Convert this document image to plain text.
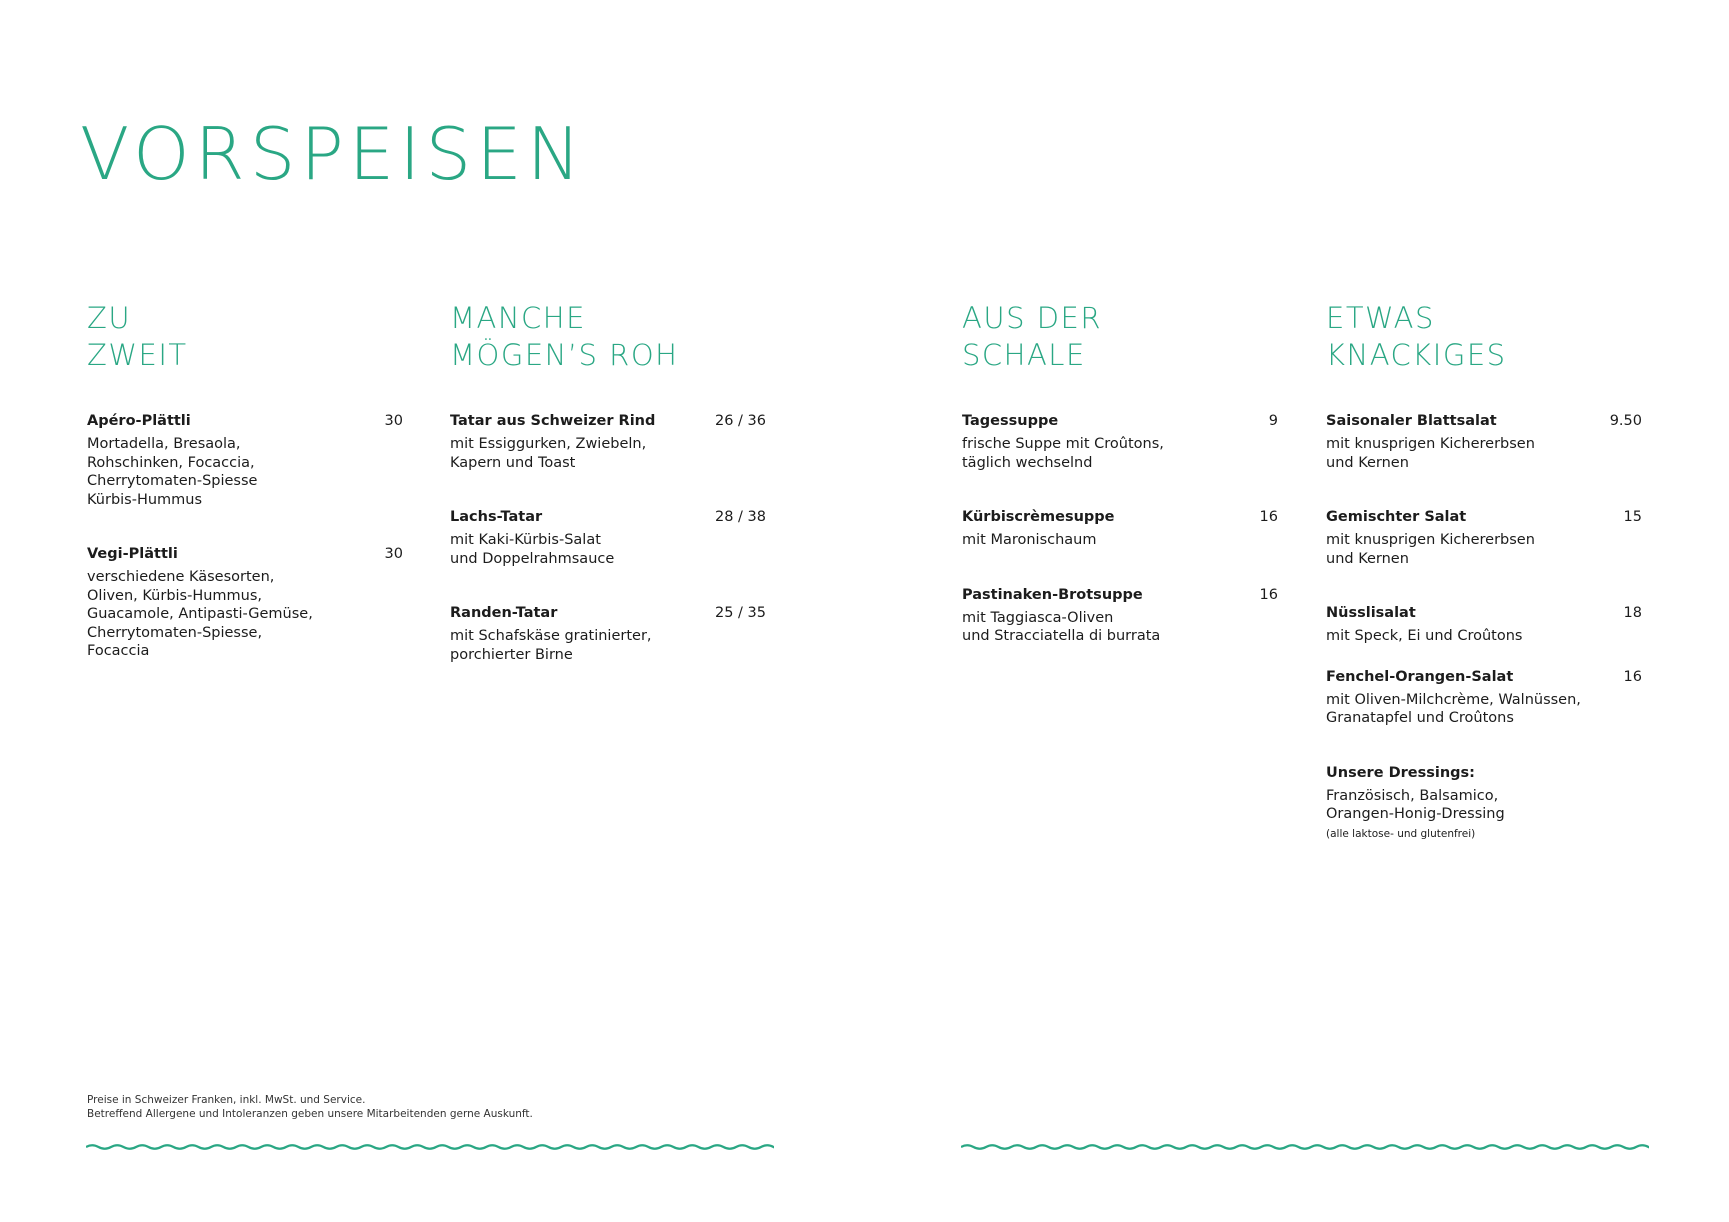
VORSPEISEN
ZU
ZWEIT
Apéro-Plättli	30
Mortadella, Bresaola,
Rohschinken, Focaccia,
Cherrytomaten-Spiesse
Kürbis-Hummus
Vegi-Plättli	30
verschiedene Käsesorten,
Oliven, Kürbis-Hummus,
Guacamole, Antipasti-Gemüse,
Cherrytomaten-Spiesse,
Focaccia
MANCHE
MÖGEN’S ROH
Tatar aus Schweizer Rind	26 / 36
mit Essiggurken, Zwiebeln,
Kapern und Toast
Lachs-Tatar	28 / 38
mit Kaki-Kürbis-Salat
und Doppelrahmsauce
Randen-Tatar	25 / 35
mit Schafskäse gratinierter,
porchierter Birne
AUS DER
SCHALE
Tagessuppe	9
frische Suppe mit Croûtons,
täglich wechselnd
Kürbiscrèmesuppe	16
mit Maronischaum
Pastinaken-Brotsuppe	16
mit Taggiasca-Oliven
und Stracciatella di burrata
ETWAS
KNACKIGES
Saisonaler Blattsalat	9.50
mit knusprigen Kichererbsen
und Kernen
Gemischter Salat	15
mit knusprigen Kichererbsen
und Kernen
Nüsslisalat	18
mit Speck, Ei und Croûtons
Fenchel-Orangen-Salat	16
mit Oliven-Milchcrème, Walnüssen,
Granatapfel und Croûtons
Unsere Dressings:
Französisch, Balsamico,
Orangen-Honig-Dressing
(alle laktose- und glutenfrei)
Preise in Schweizer Franken, inkl. MwSt. und Service.
Betreffend Allergene und Intoleranzen geben unsere Mitarbeitenden gerne Auskunft.
